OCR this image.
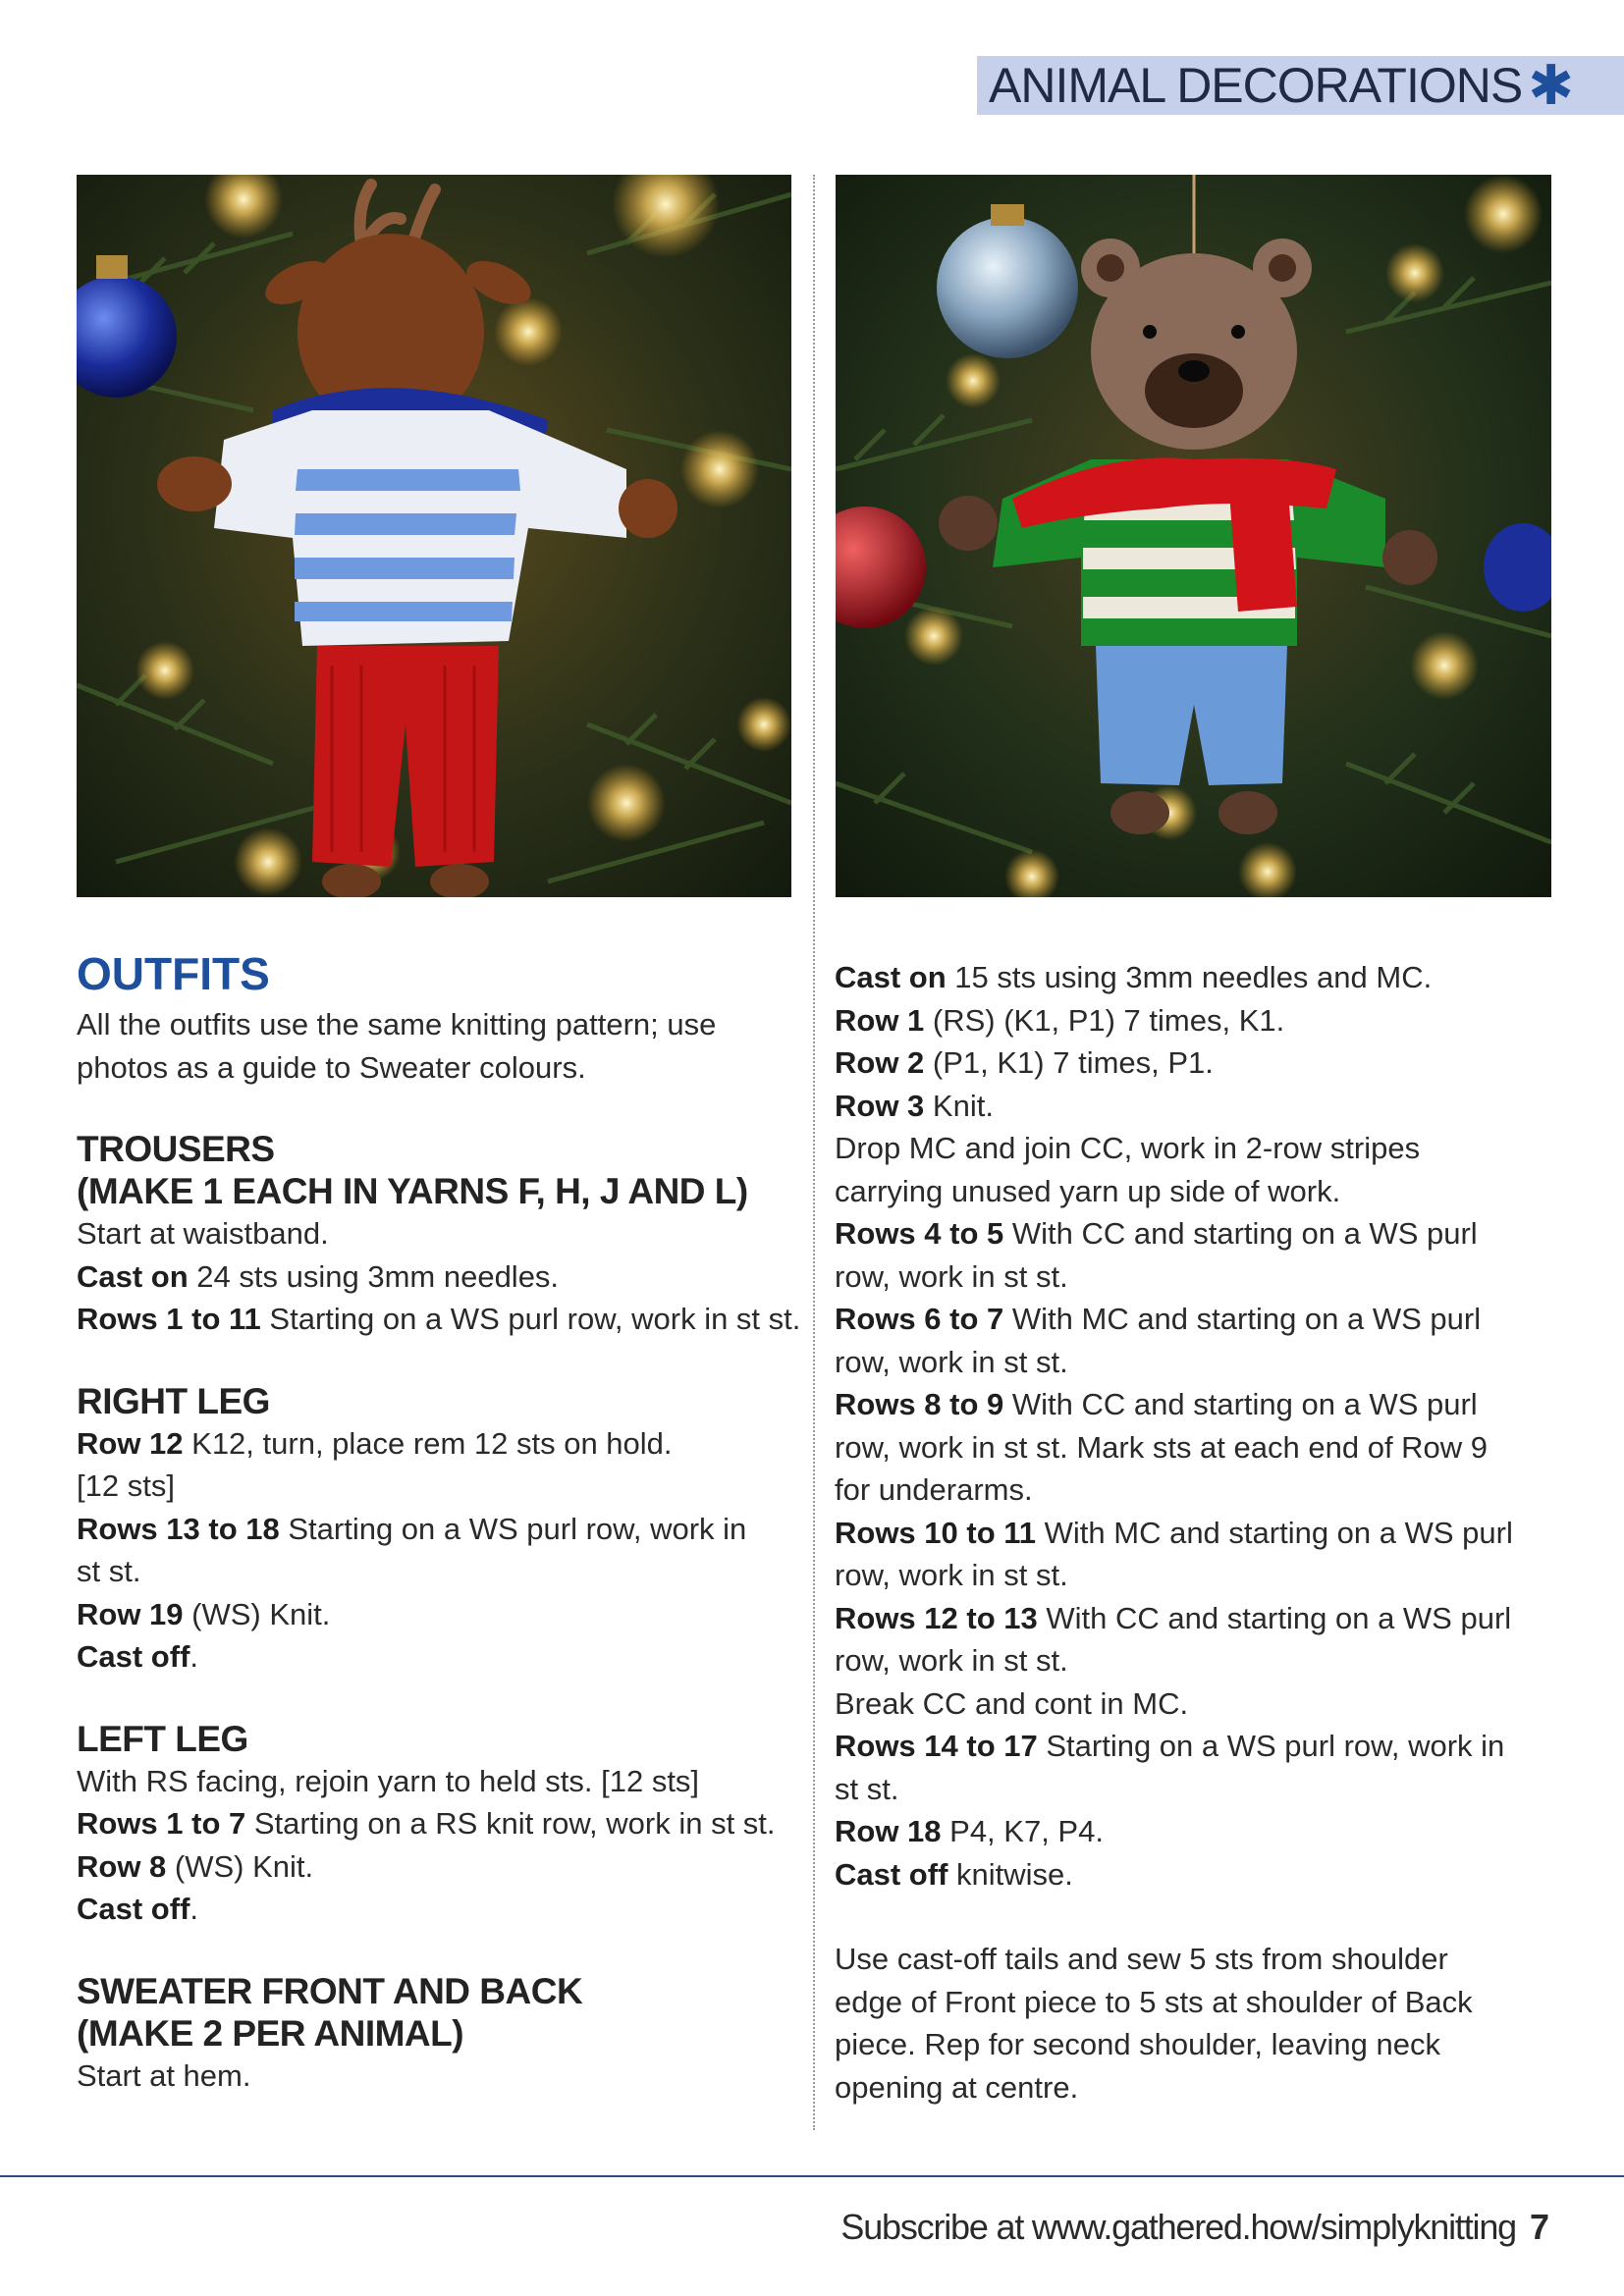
ANIMAL DECORATIONS ✱
OUTFITS

All the outfits use the same knitting pattern; use

photos as a guide to Sweater colours.

TROUSERS
(MAKE 1 EACH IN YARNS F, H, J AND L)

Start at waistband.

Cast on 24 sts using 3mm needles.

Rows 1 to 11 Starting on a WS purl row, work in st st.

RIGHT LEG

Row 12 K12, turn, place rem 12 sts on hold.

[12 sts]

Rows 13 to 18 Starting on a WS purl row, work in

st st.

Row 19 (WS) Knit.

Cast off.

LEFT LEG

With RS facing, rejoin yarn to held sts. [12 sts]

Rows 1 to 7 Starting on a RS knit row, work in st st.

Row 8 (WS) Knit.

Cast off.

SWEATER FRONT AND BACK
(MAKE 2 PER ANIMAL)

Start at hem.

Cast on 15 sts using 3mm needles and MC.

Row 1 (RS) (K1, P1) 7 times, K1.

Row 2 (P1, K1) 7 times, P1.

Row 3 Knit.

Drop MC and join CC, work in 2-row stripes

carrying unused yarn up side of work.

Rows 4 to 5 With CC and starting on a WS purl

row, work in st st.

Rows 6 to 7 With MC and starting on a WS purl

row, work in st st.

Rows 8 to 9 With CC and starting on a WS purl

row, work in st st. Mark sts at each end of Row 9

for underarms.

Rows 10 to 11 With MC and starting on a WS purl

row, work in st st.

Rows 12 to 13 With CC and starting on a WS purl

row, work in st st.

Break CC and cont in MC.

Rows 14 to 17 Starting on a WS purl row, work in

st st.

Row 18 P4, K7, P4.

Cast off knitwise.

Use cast-off tails and sew 5 sts from shoulder

edge of Front piece to 5 sts at shoulder of Back

piece. Rep for second shoulder, leaving neck

opening at centre.

Subscribe at www.gathered.how/simplyknitting 7
